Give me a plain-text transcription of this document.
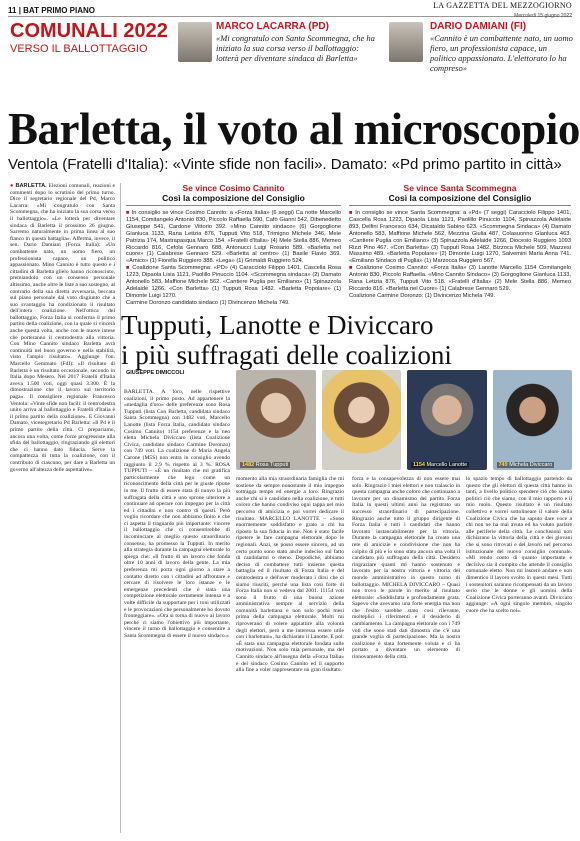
11 | BAT PRIMO PIANO	LA GAZZETTA DEL MEZZOGIORNO
Mercoledì 15 giugno 2022
COMUNALI 2022
VERSO IL BALLOTTAGGIO
MARCO LACARRA (PD)
«Mi congratulo con Santa Scommegna, che ha iniziato la sua corsa verso il ballottaggio: lotterà per diventare sindaca di Barletta»
DARIO DAMIANI (FI)
«Cannito è un combattente nato, un uomo fiero, un professionista capace, un politico appassionato. L'elettorato lo ha compreso»
Barletta, il voto al microscopio
Ventola (Fratelli d'Italia): «Vinte sfide non facili». Damato: «Pd primo partito in città»
● BARLETTA. Elezioni comunali, reazioni e commenti dopo lo scrutinio del primo turno. Dice il segretario regionale del Pd, Marco Lacarra: «Mi congratulo con Santa Scommegna, che ha iniziato la sua corsa verso il ballottaggio». «Le lotterà per diventare sindaca di Barletta il prossimo 26 giugno. Sarremo naturalmente in prima linea al suo fianco in questa battaglia». Afferma, invece, il sen. Dario Damiani (Forza Italia): «Un combattente nato, un uomo fiero, un professionista capace, un politico appassionato. Mino Cannito è tutto questo e i cittadini di Barletta glielo hanno riconosciuto, premiandolo con un consenso personale altissimo, anche oltre le liste a suo sostegno, al contrario della sua diretta avversaria, beccata sul piano personale dal voto disgiunto che a suo svantaggio ha condizionato il risultato dell'intera coalizione. Nell'ottica del ballottaggio, Forza Italia si conferma il primo partito della coalizione, con la quale si vincerà anche questa volta, anche con le nuove intese che porteranno il centrodestra alla vittoria. Con Mino Cannito sindaco Barletta avrà continuità nel buon governo e nella stabilità, visto l'ampio risultato». Aggiunge l'on. Marcello Gemmato (FdI): «Il risultato di Barletta è un risultato eccezionale, secondo in Italia dopo Mesero. Nel 2017 Fratelli d'Italia aveva 1.500 voti, oggi quasi 3.300. È la dimostrazione che il lavoro sul territorio paga». Il consigliere regionale Francesco Ventola: «Vinte sfide non facili: il centrodestra unito arriva al ballottaggio e Fratelli d'Italia è il primo partito della coalizione». E Giovanni Damato, vicesegretario Pd Barletta: «Il Pd è il primo partito della città. Ci prepariamo, ancora una volta, come forze progressiste alla sfida del ballottaggio, ringraziando gli elettori che ci hanno dato fiducia. Serve la compattezza di tutta la coalizione, con il contributo di ciascuno, per dare a Barletta un governo all'altezza delle aspettative».
Se vince Cosimo Cannito
Così la composizione del Consiglio

■ In consiglio se vince Cosimo Cannito: a «Forza Italia» (6 seggi) Ca notte Marcello 1154, Comitangelo Antonio 830, Piccolo Raffaella 590, Cafò Gianni 542, Dibenedetto Giuseppe 541, Cardone Vittorio 392. «Mino Cannito sindaco» (6) Gorgoglione Gianluca 1133, Rana Letizia 876, Tupputi Vito 518, Trimigno Michele 346, Mele Patrizia 174, Mastrapasqua Marco 154. «Fratelli d'Italia» (4) Mele Stella 886, Memeo Riccardo 816, Cefola Gennaro 688, Antonucci Luigi Rosario 589. «Barletta nel cuore» (1) Calabrese Gennaro 529. «Barletta al centro» (1) Basile Flavio 369. «Amico» (1) Fiorella Ruggiero 388. «Lega» (1) Grimaldi Ruggiero 524.

■ Coalizione Santa Scommegna: «PD» (4) Caracciolo Filippo 1401, Cascella Rosa 1223, Dipaola Lisia 1121, Paolillo Pinuccio 1104. «Scommegna sindaca» (2) Damato Antonello 583, Maffione Michele 562. «Cantiere Puglia per Emiliano» (1) Spinazzola Adelaide 1266. «Con Barletta» (1) Tupputi Rosa 1482. «Barletta Popolare» (1) Dimonte Luigi 1270.

Carmine Doronzo candidato sindaco (1) Divincenzo Michela 749.

Se vince Santa Scommegna
Così la composizione del Consiglio

■ In consiglio se vince Santa Scommegna: a «Pd» (7 seggi) Caracciolo Filippo 1401, Cascella Rosa 1223, Dipaola Lisia 1121, Paolillo Pinuccio 1104, Spinazzola Adelaide 893, Delfini Francesco 634, Dicataldo Sabino 623. «Scommegna Sindaca» (4) Damato Antonello 583, Maffione Michele 562, Mezzina Giulia 487, Colasuonno Gianluca 463. «Cantiere Puglia con Emiliano» (3) Spinazzola Adelaide 1266, Diocesio Ruggiero 1093 Rizzi Pino 467. «Con Barletta» (3) Tupputi Rosa 1482, Bizzoca Michele 509, Mazzesi Massimo 489. «Barletta Popolare» (2) Dimonte Luigi 1270, Salvemini Maria Anna 741. «Emiliano Sindaco di Puglia» (1) Marzocca Ruggiero 567.

■ Coalizione Cosimo Cannito: «Forza Italia» (3) Lanotte Marcello 1154 Comitangelo Antonio 830, Piccolo Raffaella. «Mino Cannito Sindaco» (3) Gorgoglione Gianluca 1133, Rana Letizia 876, Tupputi Vito 518. «Fratelli d'Italia» (2) Mele Stella 886, Memeo Riccardo 816. «Barletta nel Cuore» (1) Calabrese Gennaro 529.

Coalizione Carmine Doronzo: (1) Divincenzo Michela 749.

Tupputi, Lanotte e Diviccaro
i più suffragati delle coalizioni
GIUSEPPE DIMICCOLI
1482 Rosa Tupputi	1154 Marcello Lanotte	749 Michela Diviccaro
BARLETTA. A loro, nelle rispettive coalizioni, il primo posto. Ad appartenere la «medaglia d'oro» delle preferenze sono Rosa Tupputi (lista Con Barletta, candidata sindaco Santa Scommegna) con 1482 voti, Marcello Lanotte (lista Forza Italia, candidato sindaco Cosimo Cannito) 1154 preferenze e la neo eletta Michela Diviccaro (lista Coalizione Civica, candidato sindaco Carmine Doronzo) con 749 voti. La coalizione di Maria Angela Carone (M5S) non entra in consiglio avendo raggiunto il 2,9 % rispetto al 3 %. ROSA TUPPUTI – «È un risultato che mi gratifica particolarmente che lego come un riconoscimento della città per le giuste ripone in me. Il frutto di essere stata di nuovo la più suffragata della città e uno sprone ulteriore a continuare ad operare con impegno per la città ed i cittadini e non contro di questi. Però voglio ricordare che non abbiamo finito e che ci aspetta il traguardo più importante: vincere il ballottaggio che ci consentirebbe di incominciare al meglio questo straordinario consenso, ha promesso la Tupputi. In merito alla strategia durante la campagna elettorale lo spiega che: «Il frutto di un lavoro che fonda oltre 10 anni di lavoro della gente. La mia preferenza mi porta ogni giorno a stare a contatto diretto con i cittadini ad affrontare e cercare di risolvere le loro istanze e le emergenze precedenti che è stata una competizione elettorale certamente intensa e a volte difficile da supportare per i toni utilizzati e le provocazioni che personalmente ho dovuto fronteggiare». «Ora si torna di nuovo al lavoro perché ci siamo l'obiettivo più importante, vincere il turno di ballottaggio e consentire a Santa Scommegna di essere il nuovo sindaco.»
momento alla mia straordinaria famiglia che mi sostiene da sempre nonostante il mio impegno sottragga tempo ed energie a loro. Ringrazio anche chi si è candidato nella coalizione, e tutti coloro che hanno condiviso ogni tappa nel mio percorso di amicizia e poi vorrei dedicare il risultato. MARCELLO LANOTTE – «Sono enormemente soddisfatto e grato a chi ha riposto la sua fiducia in me. Non è stato facile ripetere le fare campagna elettorale dopo le regionali. Anzi, se posso essere sincero, ad un certo punto sono stato anche indeciso sul fatto di candidarmi o meno. Dopodiché, abbiamo deciso di combattere tutti insieme questa battaglia ed il risultato di Forza Italia e del centrodestra e dell'aver moderato i dirsi che ci siamo riusciti, perché una lista così forte di Forza Italia non si vedeva dal 2001. 11154 voti sono il frutto di una buona azione amministrativa sempre al servizio della comunità barlettana e non solo pochi mesi prima della campagna elettorale. Molti mi riproverano di volere appiattire alla volontà degli elettori, però a me interessa essere utile con i barlettani», ha dichiarato il Lanotte. E poi: «È stata una campagna elettorale fondata sulle motivazioni. Non solo mia personale, ma del Cannito sindaco all'insegna della «Forza Italia» e del sindaco Cosimo Cannito ed il supporto alla fine a voler rappresentare un gran risultato.
forza e la consapevolezza di non essere mai solo. Ringrazio i miei elettori e non tralascio in questa campagna anche coloro che continuano a lavorare per un dinamismo del partito Forza Italia in questi ultimi anni ha registrato un successo straordinario di partecipazione. Ringrazio anche tutto il gruppo dirigente di Forza Italia e tutti i candidati che hanno lavorato instancabilmente per la vittoria. Durante la campagna elettorale ha creato una rete di amicizie e condivisione che non ha colpito di più e io sono stato ancora una volta il candidato più suffragato della città. Desidero ringraziare quanti mi hanno sostenuto e lavorato per la nostra vittoria e vittoria del mondo amministrativo in questo turno di ballottaggio. MICHELA DIVICCARO – Quasi non trovo le parole in merito al risultato elettorale: «Soddisfatta e profondamente grata. Sapevo che avevamo una forte energia ma non che l'esito sarebbe stato così rilevante, molteplici i riferimenti e il desiderio di cambiamento. La campagna elettorale con i 749 voti che sono stati dati dimostra che c'è una grande voglia di partecipazione. Ma la nostra coalizione è stata fortemente voluta e ci ha portato a diventare un elemento di rinnovamento della città.
lo spazio tempo di ballottaggio partendo da questo che gli elettori di questa città hanno in tanti, a livello politico spendere ciò che siamo politici ciò che siamo, con il mio rapporto e il mio ruolo. Questo risultato è un risultato collettivo e vorrei sottolineare il valore della Coalizione Civica che ha saputo dare voce a chi non ne ha mai avuta ed ha voluto parlare alle periferie della città. Le conclusioni non dichiarano la vittoria della città e dei giovani che si sono ritrovati e del lavoro nel percorso istituzionale del nuovo consiglio comunale. «Mi rendo conto di quanto importante e decisivo sia il compito che attende il consiglio comunale eletto. Non mi lascerò andare e non dimentico il lavoro svolto in questi mesi. Tutti i sostenitori saranno ricompensati da un lavoro serio che le donne e gli uomini della Coalizione Civica porteranno avanti. Diviccaro aggiunge: «A ogni singolo membro, singolo cuore che ha scelto noi».
